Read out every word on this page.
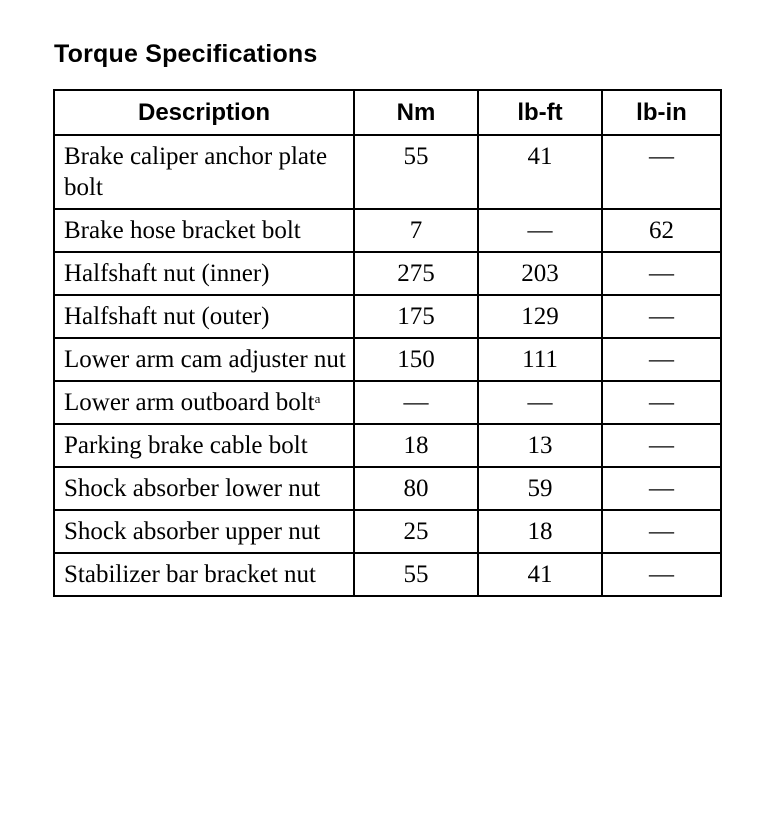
Torque Specifications
Description	Nm	lb-ft	lb-in
Brake caliper anchor plate bolt	55	41	—
Brake hose bracket bolt	7	—	62
Halfshaft nut (inner)	275	203	—
Halfshaft nut (outer)	175	129	—
Lower arm cam adjuster nut	150	111	—
Lower arm outboard bolt$^a$	—	—	—
Parking brake cable bolt	18	13	—
Shock absorber lower nut	80	59	—
Shock absorber upper nut	25	18	—
Stabilizer bar bracket nut	55	41	—
